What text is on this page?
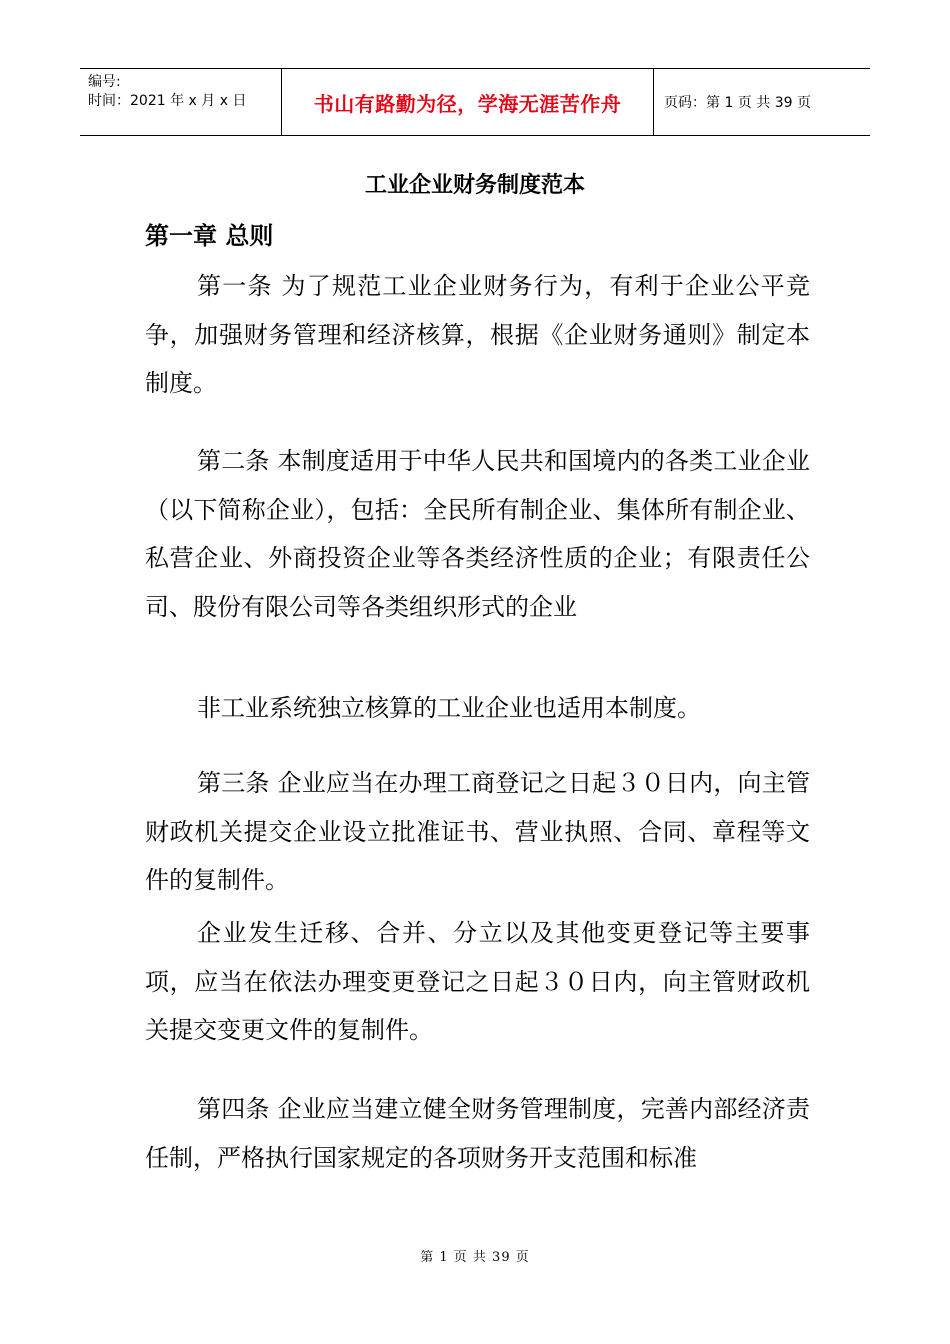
编号:
时间：2021 年 x 月 x 日	书山有路勤为径，学海无涯苦作舟	页码：第 1 页 共 39 页
工业企业财务制度范本
第一章 总则

第一条 为了规范工业企业财务行为，有利于企业公平竞争，加强财务管理和经济核算，根据《企业财务通则》制定本制度。

第二条 本制度适用于中华人民共和国境内的各类工业企业（以下简称企业），包括：全民所有制企业、集体所有制企业、私营企业、外商投资企业等各类经济性质的企业；有限责任公司、股份有限公司等各类组织形式的企业

非工业系统独立核算的工业企业也适用本制度。

第三条 企业应当在办理工商登记之日起３０日内，向主管财政机关提交企业设立批准证书、营业执照、合同、章程等文件的复制件。

企业发生迁移、合并、分立以及其他变更登记等主要事项，应当在依法办理变更登记之日起３０日内，向主管财政机关提交变更文件的复制件。

第四条 企业应当建立健全财务管理制度，完善内部经济责任制，严格执行国家规定的各项财务开支范围和标准

第 1 页 共 39 页
